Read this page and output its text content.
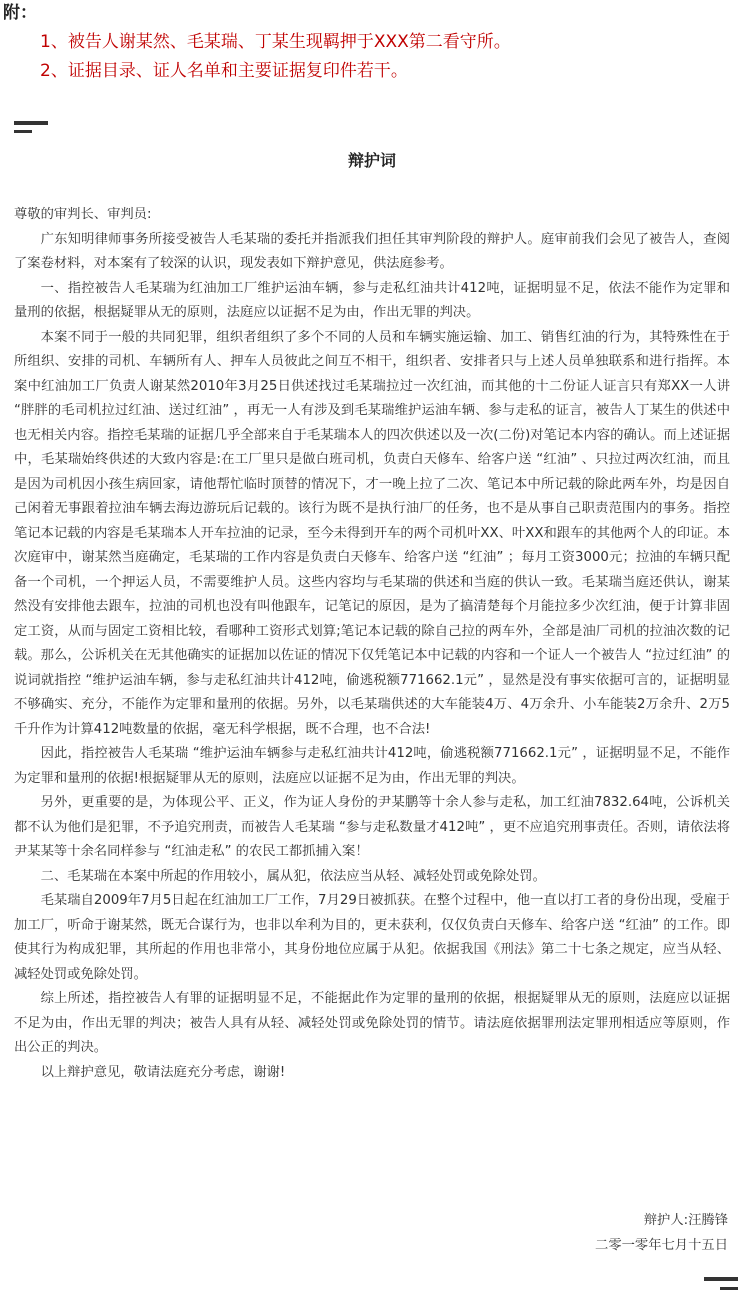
附：
1、被告人谢某然、毛某瑞、丁某生现羁押于XXX第二看守所。
2、证据目录、证人名单和主要证据复印件若干。
辩护词

尊敬的审判长、审判员:

广东知明律师事务所接受被告人毛某瑞的委托并指派我们担任其审判阶段的辩护人。庭审前我们会见了被告人，查阅了案卷材料，对本案有了较深的认识，现发表如下辩护意见，供法庭参考。

一、指控被告人毛某瑞为红油加工厂维护运油车辆，参与走私红油共计412吨，证据明显不足，依法不能作为定罪和量刑的依据，根据疑罪从无的原则，法庭应以证据不足为由，作出无罪的判决。

本案不同于一般的共同犯罪，组织者组织了多个不同的人员和车辆实施运输、加工、销售红油的行为，其特殊性在于所组织、安排的司机、车辆所有人、押车人员彼此之间互不相干，组织者、安排者只与上述人员单独联系和进行指挥。本案中红油加工厂负责人谢某然2010年3月25日供述找过毛某瑞拉过一次红油，而其他的十二份证人证言只有郑XX一人讲 “胖胖的毛司机拉过红油、送过红油” ，再无一人有涉及到毛某瑞维护运油车辆、参与走私的证言，被告人丁某生的供述中也无相关内容。指控毛某瑞的证据几乎全部来自于毛某瑞本人的四次供述以及一次(二份)对笔记本内容的确认。而上述证据中，毛某瑞始终供述的大致内容是:在工厂里只是做白班司机，负责白天修车、给客户送 “红油” 、只拉过两次红油，而且是因为司机因小孩生病回家，请他帮忙临时顶替的情况下，才一晚上拉了二次、笔记本中所记载的除此两车外，均是因自己闲着无事跟着拉油车辆去海边游玩后记载的。该行为既不是执行油厂的任务，也不是从事自己职责范围内的事务。指控笔记本记载的内容是毛某瑞本人开车拉油的记录，至今未得到开车的两个司机叶XX、叶XX和跟车的其他两个人的印证。本次庭审中，谢某然当庭确定，毛某瑞的工作内容是负责白天修车、给客户送 “红油” ；每月工资3000元；拉油的车辆只配备一个司机，一个押运人员，不需要维护人员。这些内容均与毛某瑞的供述和当庭的供认一致。毛某瑞当庭还供认，谢某然没有安排他去跟车，拉油的司机也没有叫他跟车，记笔记的原因，是为了搞清楚每个月能拉多少次红油，便于计算非固定工资，从而与固定工资相比较，看哪种工资形式划算;笔记本记载的除自己拉的两车外，全部是油厂司机的拉油次数的记载。那么，公诉机关在无其他确实的证据加以佐证的情况下仅凭笔记本中记载的内容和一个证人一个被告人 “拉过红油” 的说词就指控 “维护运油车辆，参与走私红油共计412吨，偷逃税额771662.1元” ，显然是没有事实依据可言的，证据明显不够确实、充分，不能作为定罪和量刑的依据。另外，以毛某瑞供述的大车能装4万、4万余升、小车能装2万余升、2万5千升作为计算412吨数量的依据，毫无科学根据，既不合理，也不合法!

因此，指控被告人毛某瑞 “维护运油车辆参与走私红油共计412吨，偷逃税额771662.1元” ，证据明显不足，不能作为定罪和量刑的依据!根据疑罪从无的原则，法庭应以证据不足为由，作出无罪的判决。

另外，更重要的是，为体现公平、正义，作为证人身份的尹某鹏等十余人参与走私，加工红油7832.64吨，公诉机关都不认为他们是犯罪，不予追究刑责，而被告人毛某瑞 “参与走私数量才412吨” ，更不应追究刑事责任。否则，请依法将尹某某等十余名同样参与 “红油走私” 的农民工都抓捕入案！

二、毛某瑞在本案中所起的作用较小，属从犯，依法应当从轻、减轻处罚或免除处罚。

毛某瑞自2009年7月5日起在红油加工厂工作，7月29日被抓获。在整个过程中，他一直以打工者的身份出现，受雇于加工厂，听命于谢某然，既无合谋行为，也非以牟利为目的，更未获利，仅仅负责白天修车、给客户送 “红油” 的工作。即使其行为构成犯罪，其所起的作用也非常小，其身份地位应属于从犯。依据我国《刑法》第二十七条之规定，应当从轻、减轻处罚或免除处罚。

综上所述，指控被告人有罪的证据明显不足，不能据此作为定罪的量刑的依据，根据疑罪从无的原则，法庭应以证据不足为由，作出无罪的判决；被告人具有从轻、减轻处罚或免除处罚的情节。请法庭依据罪刑法定罪刑相适应等原则，作出公正的判决。

以上辩护意见，敬请法庭充分考虑，谢谢!

辩护人:汪腾锋
二零一零年七月十五日
